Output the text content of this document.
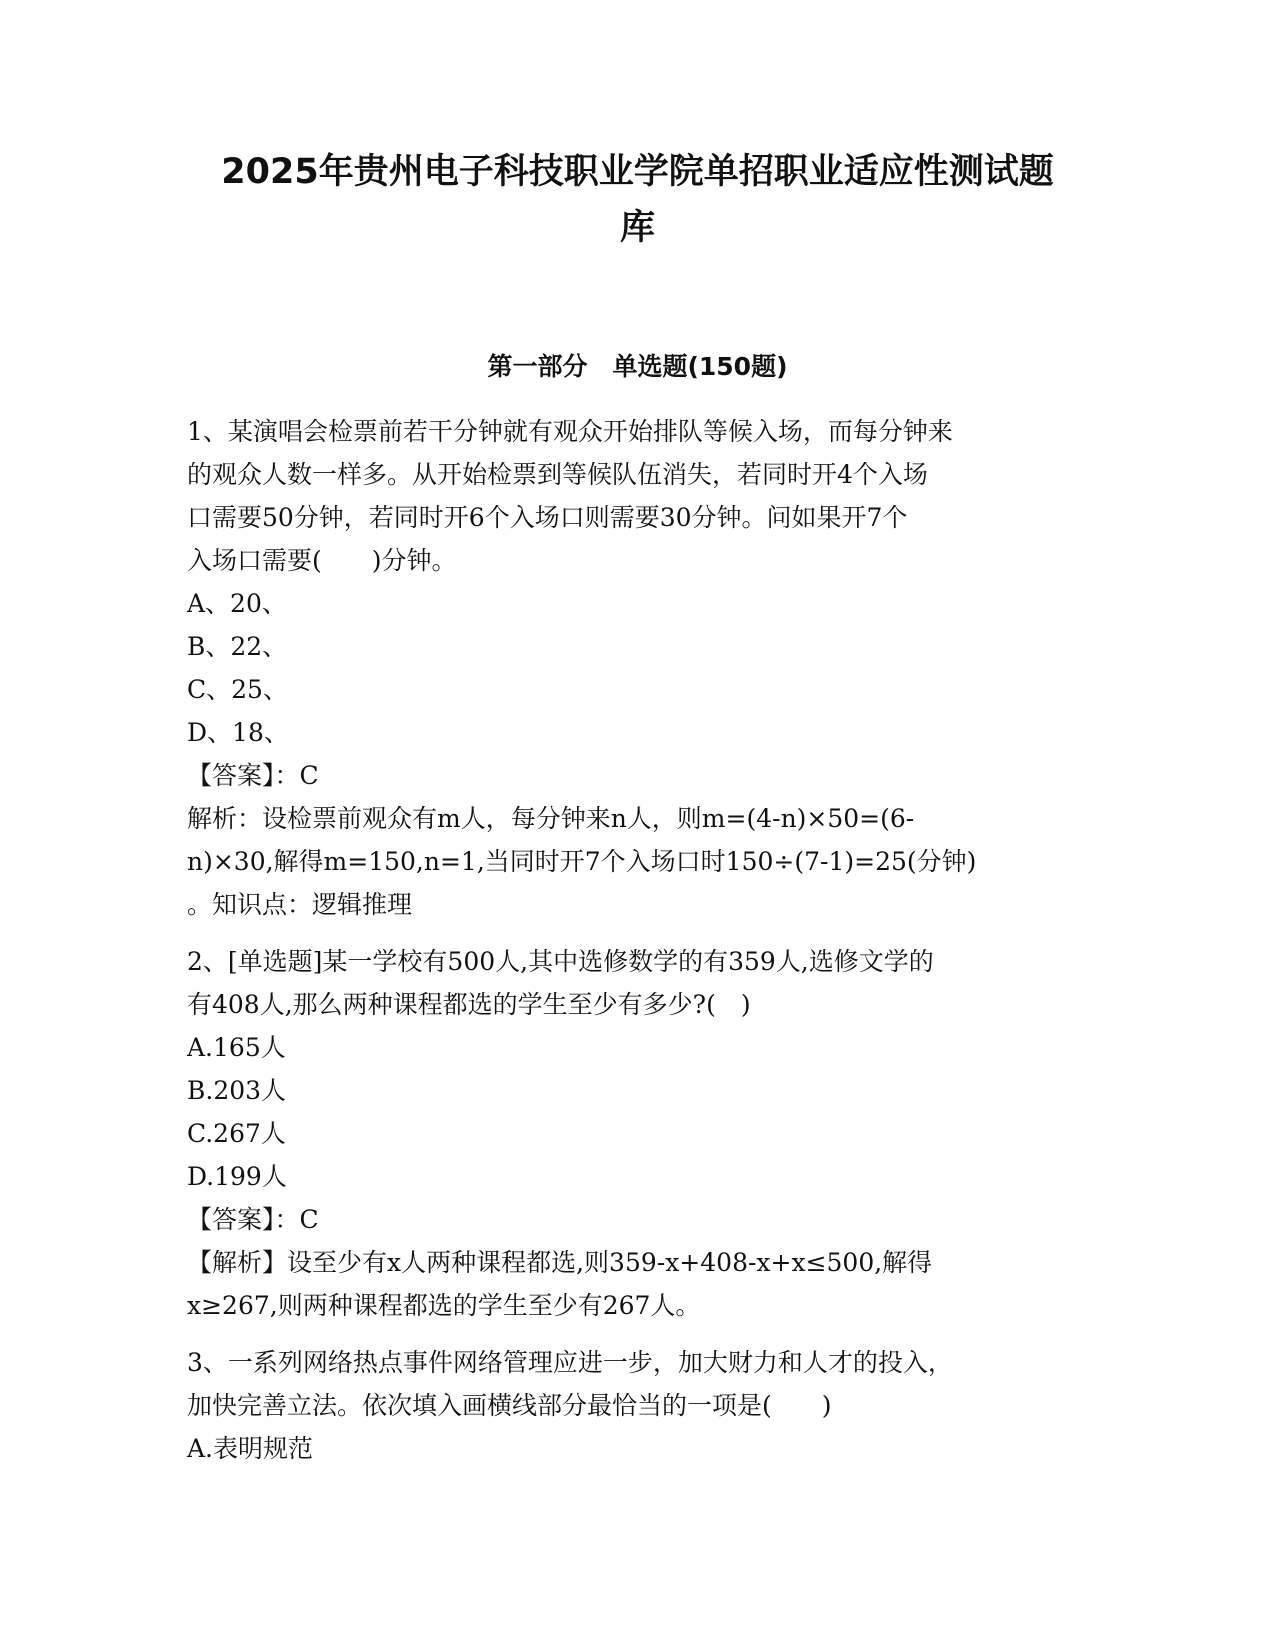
2025年贵州电子科技职业学院单招职业适应性测试题
库
第一部分　单选题(150题)

1、某演唱会检票前若干分钟就有观众开始排队等候入场，而每分钟来

的观众人数一样多。从开始检票到等候队伍消失，若同时开4个入场

口需要50分钟，若同时开6个入场口则需要30分钟。问如果开7个

入场口需要(　　)分钟。

A、20、

B、22、

C、25、

D、18、

【答案】：C

解析：设检票前观众有m人，每分钟来n人，则m=(4-n)×50=(6-

n)×30,解得m=150,n=1,当同时开7个入场口时150÷(7-1)=25(分钟)

。知识点：逻辑推理

2、[单选题]某一学校有500人,其中选修数学的有359人,选修文学的

有408人,那么两种课程都选的学生至少有多少?(　)

A.165人

B.203人

C.267人

D.199人

【答案】：C

【解析】设至少有x人两种课程都选,则359-x+408-x+x≤500,解得

x≥267,则两种课程都选的学生至少有267人。

3、一系列网络热点事件网络管理应进一步，加大财力和人才的投入，

加快完善立法。依次填入画横线部分最恰当的一项是(　　)

A.表明规范
